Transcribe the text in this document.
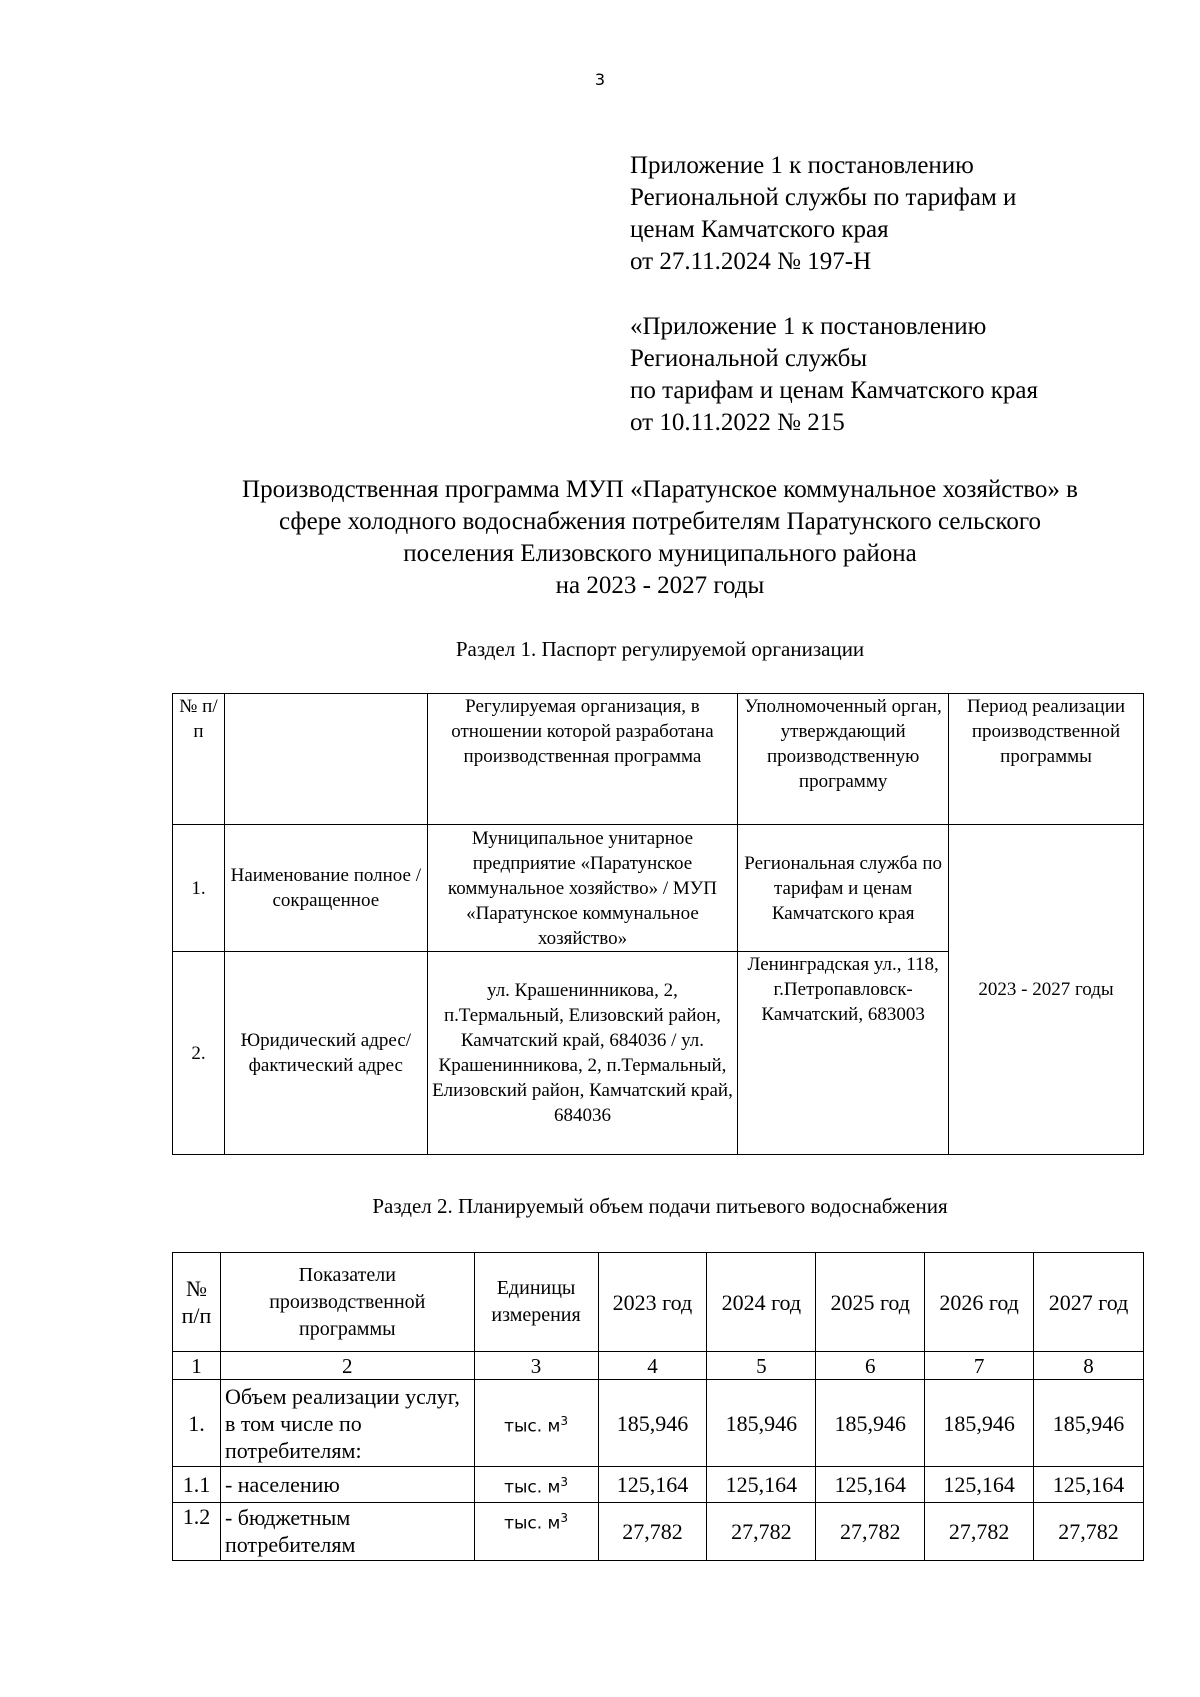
3
Приложение 1 к постановлению
Региональной службы по тарифам и
ценам Камчатского края
от 27.11.2024 № 197-Н
«Приложение 1 к постановлению
Региональной службы
по тарифам и ценам Камчатского края
от 10.11.2022 № 215
Производственная программа МУП «Паратунское коммунальное хозяйство» в
сфере холодного водоснабжения потребителям Паратунского сельского
поселения Елизовского муниципального района
на 2023 - 2027 годы
Раздел 1. Паспорт регулируемой организации
№ п/п		Регулируемая организация, в отношении которой разработана производственная программа	Уполномоченный орган, утверждающий производственную программу	Период реализации производственной программы
1.	Наименование полное / сокращенное	Муниципальное унитарное предприятие «Паратунское коммунальное хозяйство» / МУП «Паратунское коммунальное хозяйство»	Региональная служба по тарифам и ценам Камчатского края	2023 - 2027 годы
2.	Юридический адрес/фактический адрес	ул. Крашенинникова, 2, п.Термальный, Елизовский район, Камчатский край, 684036 / ул. Крашенинникова, 2, п.Термальный, Елизовский район, Камчатский край, 684036	Ленинградская ул., 118, г.Петропавловск-Камчатский, 683003	
Раздел 2. Планируемый объем подачи питьевого водоснабжения
№ п/п	Показатели производственной программы	Единицы измерения	2023 год	2024 год	2025 год	2026 год	2027 год
1	2	3	4	5	6	7	8
1.	Объем реализации услуг, в том числе по потребителям:	тыс. $м^3$	185,946	185,946	185,946	185,946	185,946
1.1	- населению	тыс. $м^3$	125,164	125,164	125,164	125,164	125,164
1.2	- бюджетным потребителям	тыс. $м^3$	27,782	27,782	27,782	27,782	27,782
